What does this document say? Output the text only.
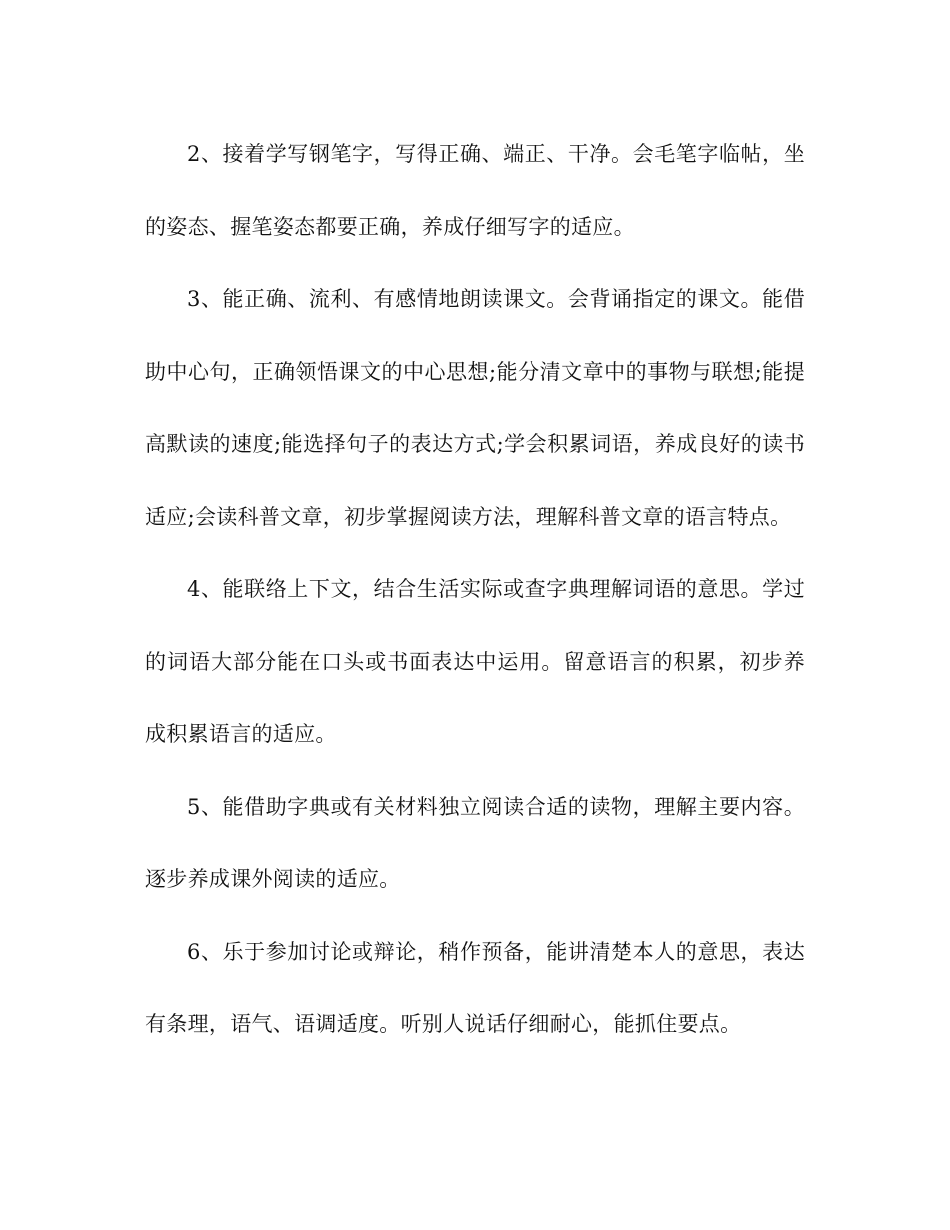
2、接着学写钢笔字，写得正确、端正、干净。会毛笔字临帖，坐的姿态、握笔姿态都要正确，养成仔细写字的适应。

3、能正确、流利、有感情地朗读课文。会背诵指定的课文。能借助中心句，正确领悟课文的中心思想;能分清文章中的事物与联想;能提高默读的速度;能选择句子的表达方式;学会积累词语，养成良好的读书适应;会读科普文章，初步掌握阅读方法，理解科普文章的语言特点。

4、能联络上下文，结合生活实际或查字典理解词语的意思。学过的词语大部分能在口头或书面表达中运用。留意语言的积累，初步养成积累语言的适应。

5、能借助字典或有关材料独立阅读合适的读物，理解主要内容。逐步养成课外阅读的适应。

6、乐于参加讨论或辩论，稍作预备，能讲清楚本人的意思，表达有条理，语气、语调适度。听别人说话仔细耐心，能抓住要点。
